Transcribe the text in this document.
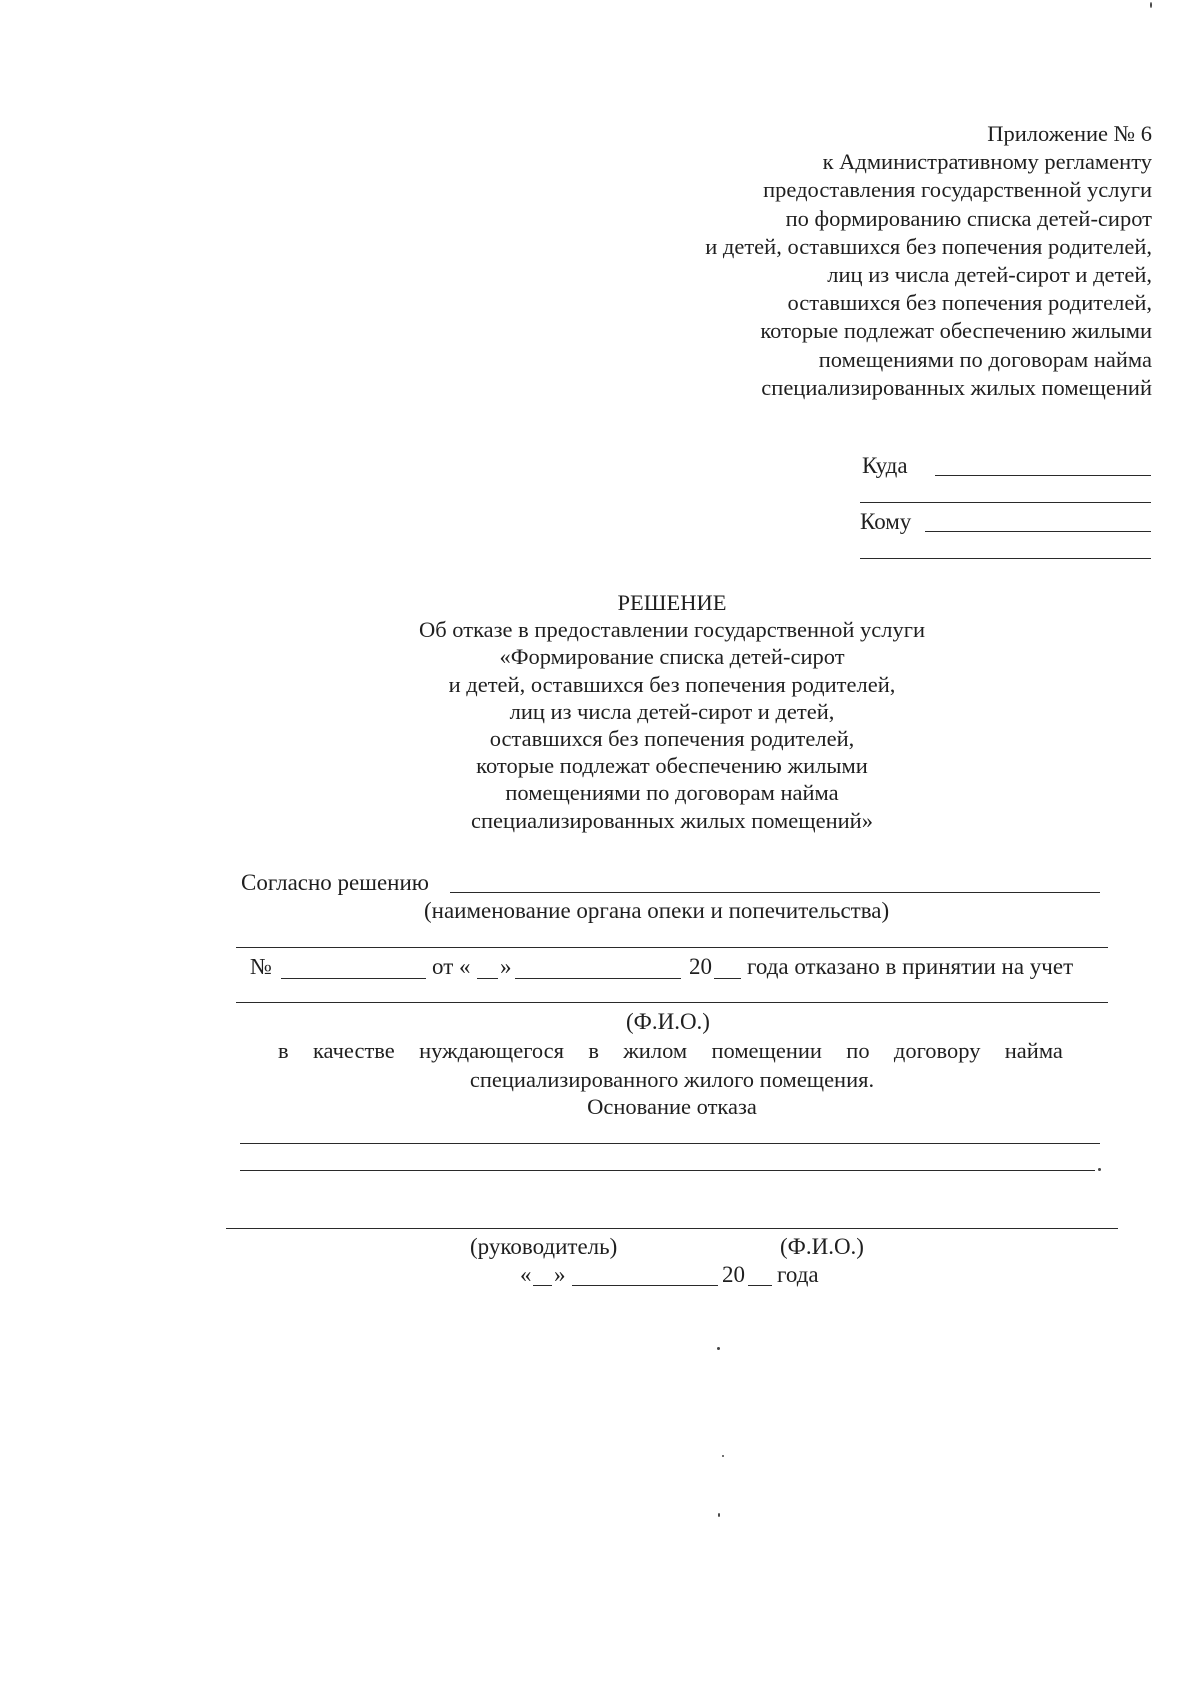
Приложение № 6
к Административному регламенту
предоставления государственной услуги
по формированию списка детей-сирот
и детей, оставшихся без попечения родителей,
лиц из числа детей-сирот и детей,
оставшихся без попечения родителей,
которые подлежат обеспечению жилыми
помещениями по договорам найма
специализированных жилых помещений
Куда
Кому
РЕШЕНИЕ
Об отказе в предоставлении государственной услуги
«Формирование списка детей-сирот
и детей, оставшихся без попечения родителей,
лиц из числа детей-сирот и детей,
оставшихся без попечения родителей,
которые подлежат обеспечению жилыми
помещениями по договорам найма
специализированных жилых помещений»
Согласно решению
(наименование органа опеки и попечительства)
№	от « »	20 года отказано в принятии на учет
(Ф.И.О.)
в качестве нуждающегося в жилом помещении по договору найма
специализированного жилого помещения.
Основание отказа
(руководитель)	(Ф.И.О.)
« »	20 года
